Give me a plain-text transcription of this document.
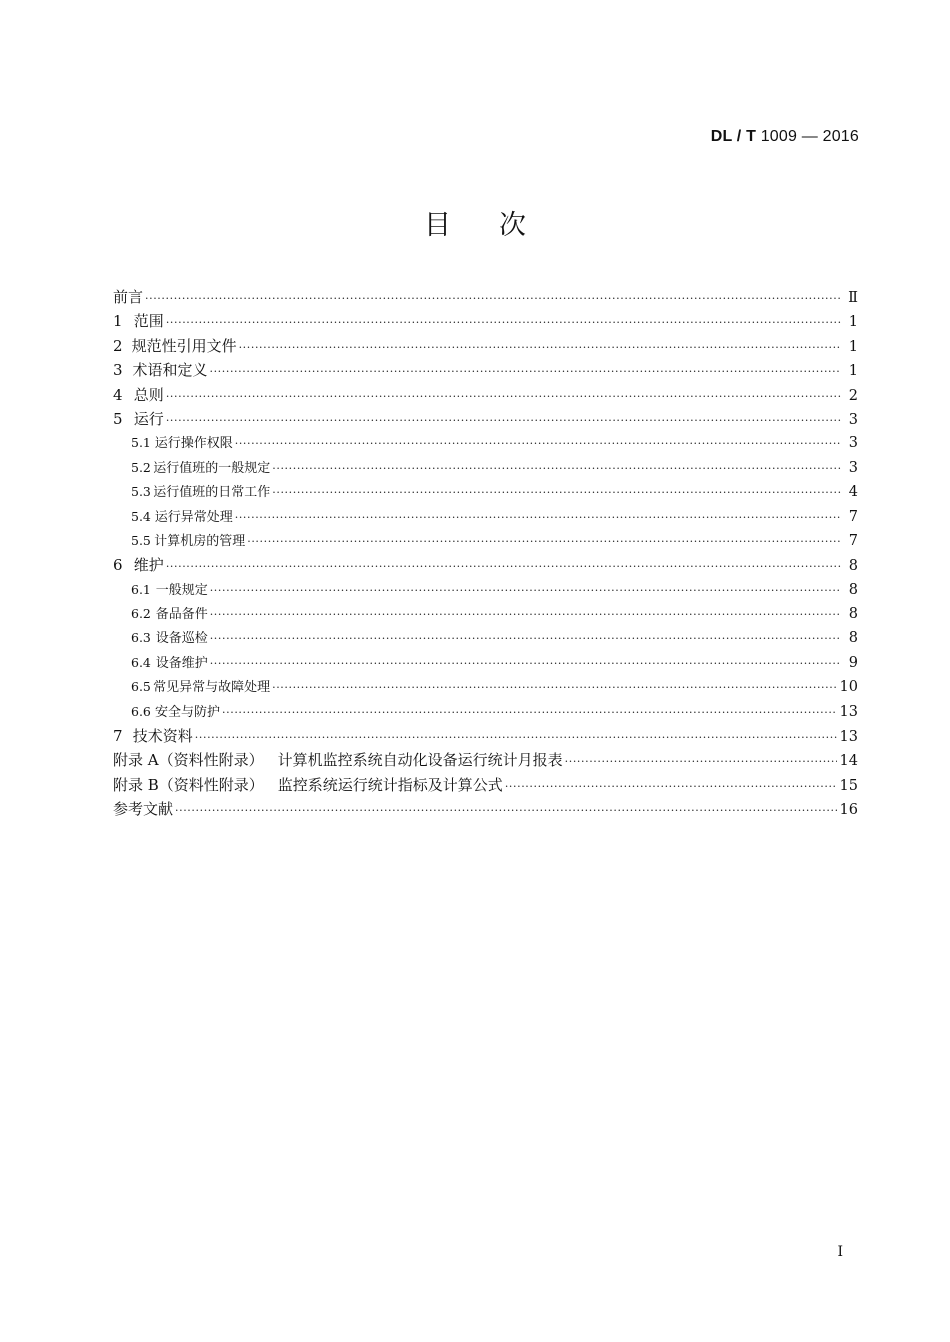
DL / T 1009 — 2016
目次
前言 ·····	Ⅱ
1 范围 ·····	1
2 规范性引用文件 ·····	1
3 术语和定义 ·····	1
4 总则 ·····	2
5 运行 ·····	3
5.1 运行操作权限 ·····	3
5.2 运行值班的一般规定 ·····	3
5.3 运行值班的日常工作 ·····	4
5.4 运行异常处理 ·····	7
5.5 计算机房的管理 ·····	7
6 维护 ·····	8
6.1 一般规定 ·····	8
6.2 备品备件 ·····	8
6.3 设备巡检 ·····	8
6.4 设备维护 ·····	9
6.5 常见异常与故障处理 ·····	10
6.6 安全与防护 ·····	13
7 技术资料 ·····	13
附录 A（资料性附录） 计算机监控系统自动化设备运行统计月报表 ·····	14
附录 B（资料性附录） 监控系统运行统计指标及计算公式 ·····	15
参考文献 ·····	16
I
